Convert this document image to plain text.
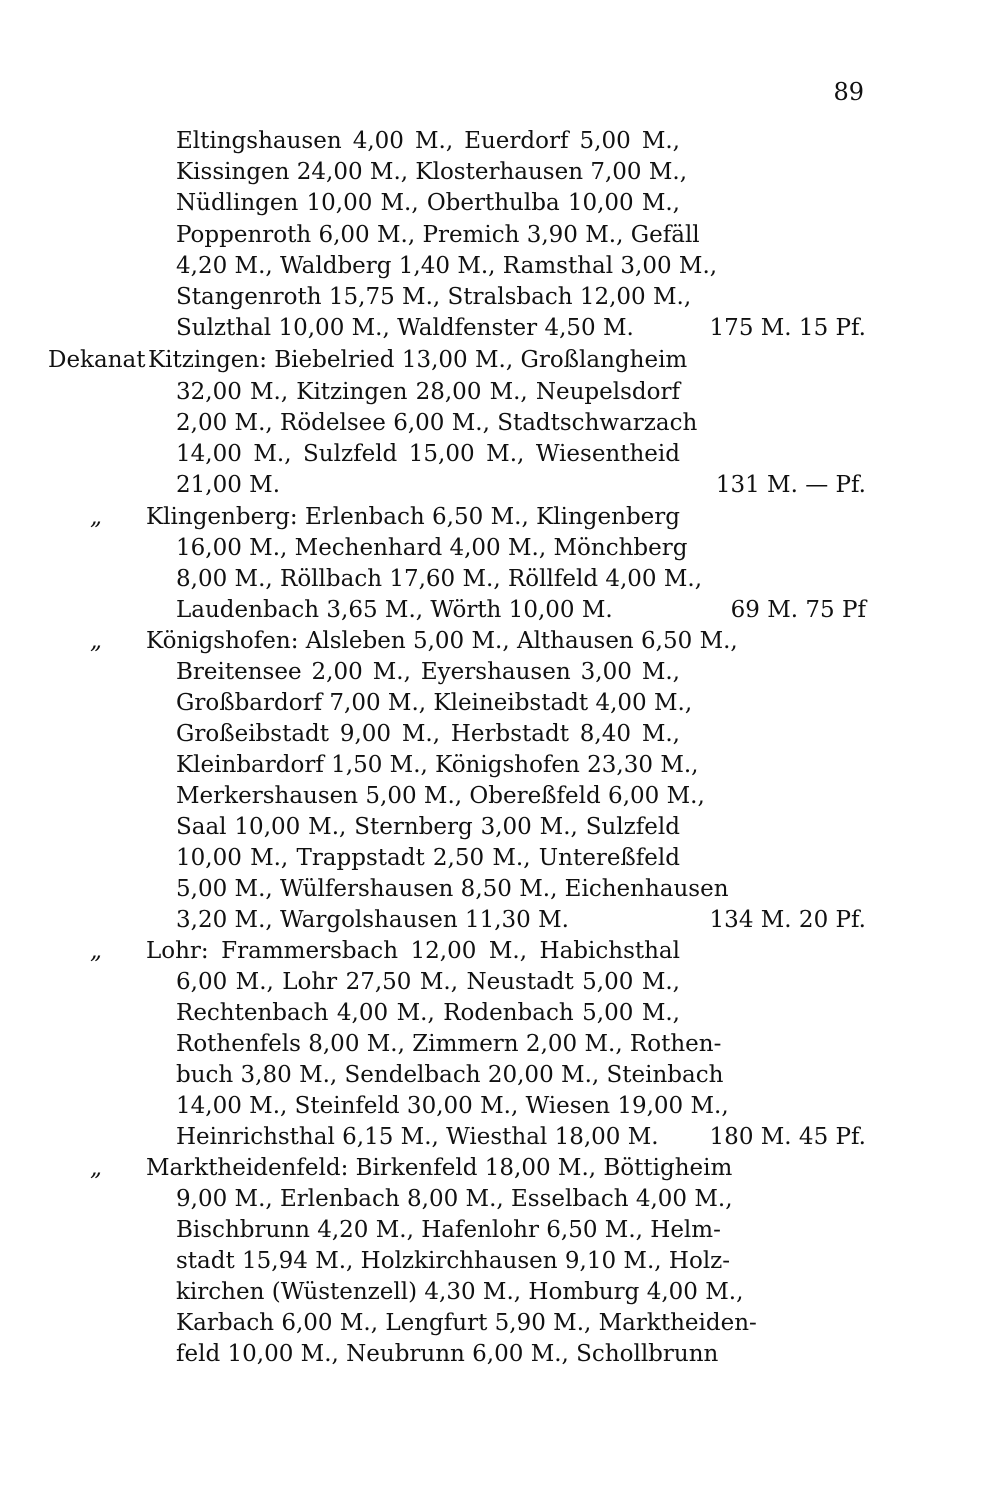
89
Eltingshausen 4,00 M., Euerdorf 5,00 M.,
Kissingen 24,00 M., Klosterhausen 7,00 M.,
Nüdlingen 10,00 M., Oberthulba 10,00 M.,
Poppenroth 6,00 M., Premich 3,90 M., Gefäll
4,20 M., Waldberg 1,40 M., Ramsthal 3,00 M.,
Stangenroth 15,75 M., Stralsbach 12,00 M.,
Sulzthal 10,00 M., Waldfenster 4,50 M.	175 M. 15 Pf.
Dekanat Kitzingen: Biebelried 13,00 M., Großlangheim
32,00 M., Kitzingen 28,00 M., Neupelsdorf
2,00 M., Rödelsee 6,00 M., Stadtschwarzach
14,00 M., Sulzfeld 15,00 M., Wiesentheid
21,00 M.	131 M. — Pf.
„ Klingenberg: Erlenbach 6,50 M., Klingenberg
16,00 M., Mechenhard 4,00 M., Mönchberg
8,00 M., Röllbach 17,60 M., Röllfeld 4,00 M.,
Laudenbach 3,65 M., Wörth 10,00 M.	69 M. 75 Pf
„ Königshofen: Alsleben 5,00 M., Althausen 6,50 M.,
Breitensee 2,00 M., Eyershausen 3,00 M.,
Großbardorf 7,00 M., Kleineibstadt 4,00 M.,
Großeibstadt 9,00 M., Herbstadt 8,40 M.,
Kleinbardorf 1,50 M., Königshofen 23,30 M.,
Merkershausen 5,00 M., Obereßfeld 6,00 M.,
Saal 10,00 M., Sternberg 3,00 M., Sulzfeld
10,00 M., Trappstadt 2,50 M., Untereßfeld
5,00 M., Wülfershausen 8,50 M., Eichenhausen
3,20 M., Wargolshausen 11,30 M.	134 M. 20 Pf.
„ Lohr: Frammersbach 12,00 M., Habichsthal
6,00 M., Lohr 27,50 M., Neustadt 5,00 M.,
Rechtenbach 4,00 M., Rodenbach 5,00 M.,
Rothenfels 8,00 M., Zimmern 2,00 M., Rothen-
buch 3,80 M., Sendelbach 20,00 M., Steinbach
14,00 M., Steinfeld 30,00 M., Wiesen 19,00 M.,
Heinrichsthal 6,15 M., Wiesthal 18,00 M.	180 M. 45 Pf.
„ Marktheidenfeld: Birkenfeld 18,00 M., Böttigheim
9,00 M., Erlenbach 8,00 M., Esselbach 4,00 M.,
Bischbrunn 4,20 M., Hafenlohr 6,50 M., Helm-
stadt 15,94 M., Holzkirchhausen 9,10 M., Holz-
kirchen (Wüstenzell) 4,30 M., Homburg 4,00 M.,
Karbach 6,00 M., Lengfurt 5,90 M., Marktheiden-
feld 10,00 M., Neubrunn 6,00 M., Schollbrunn
